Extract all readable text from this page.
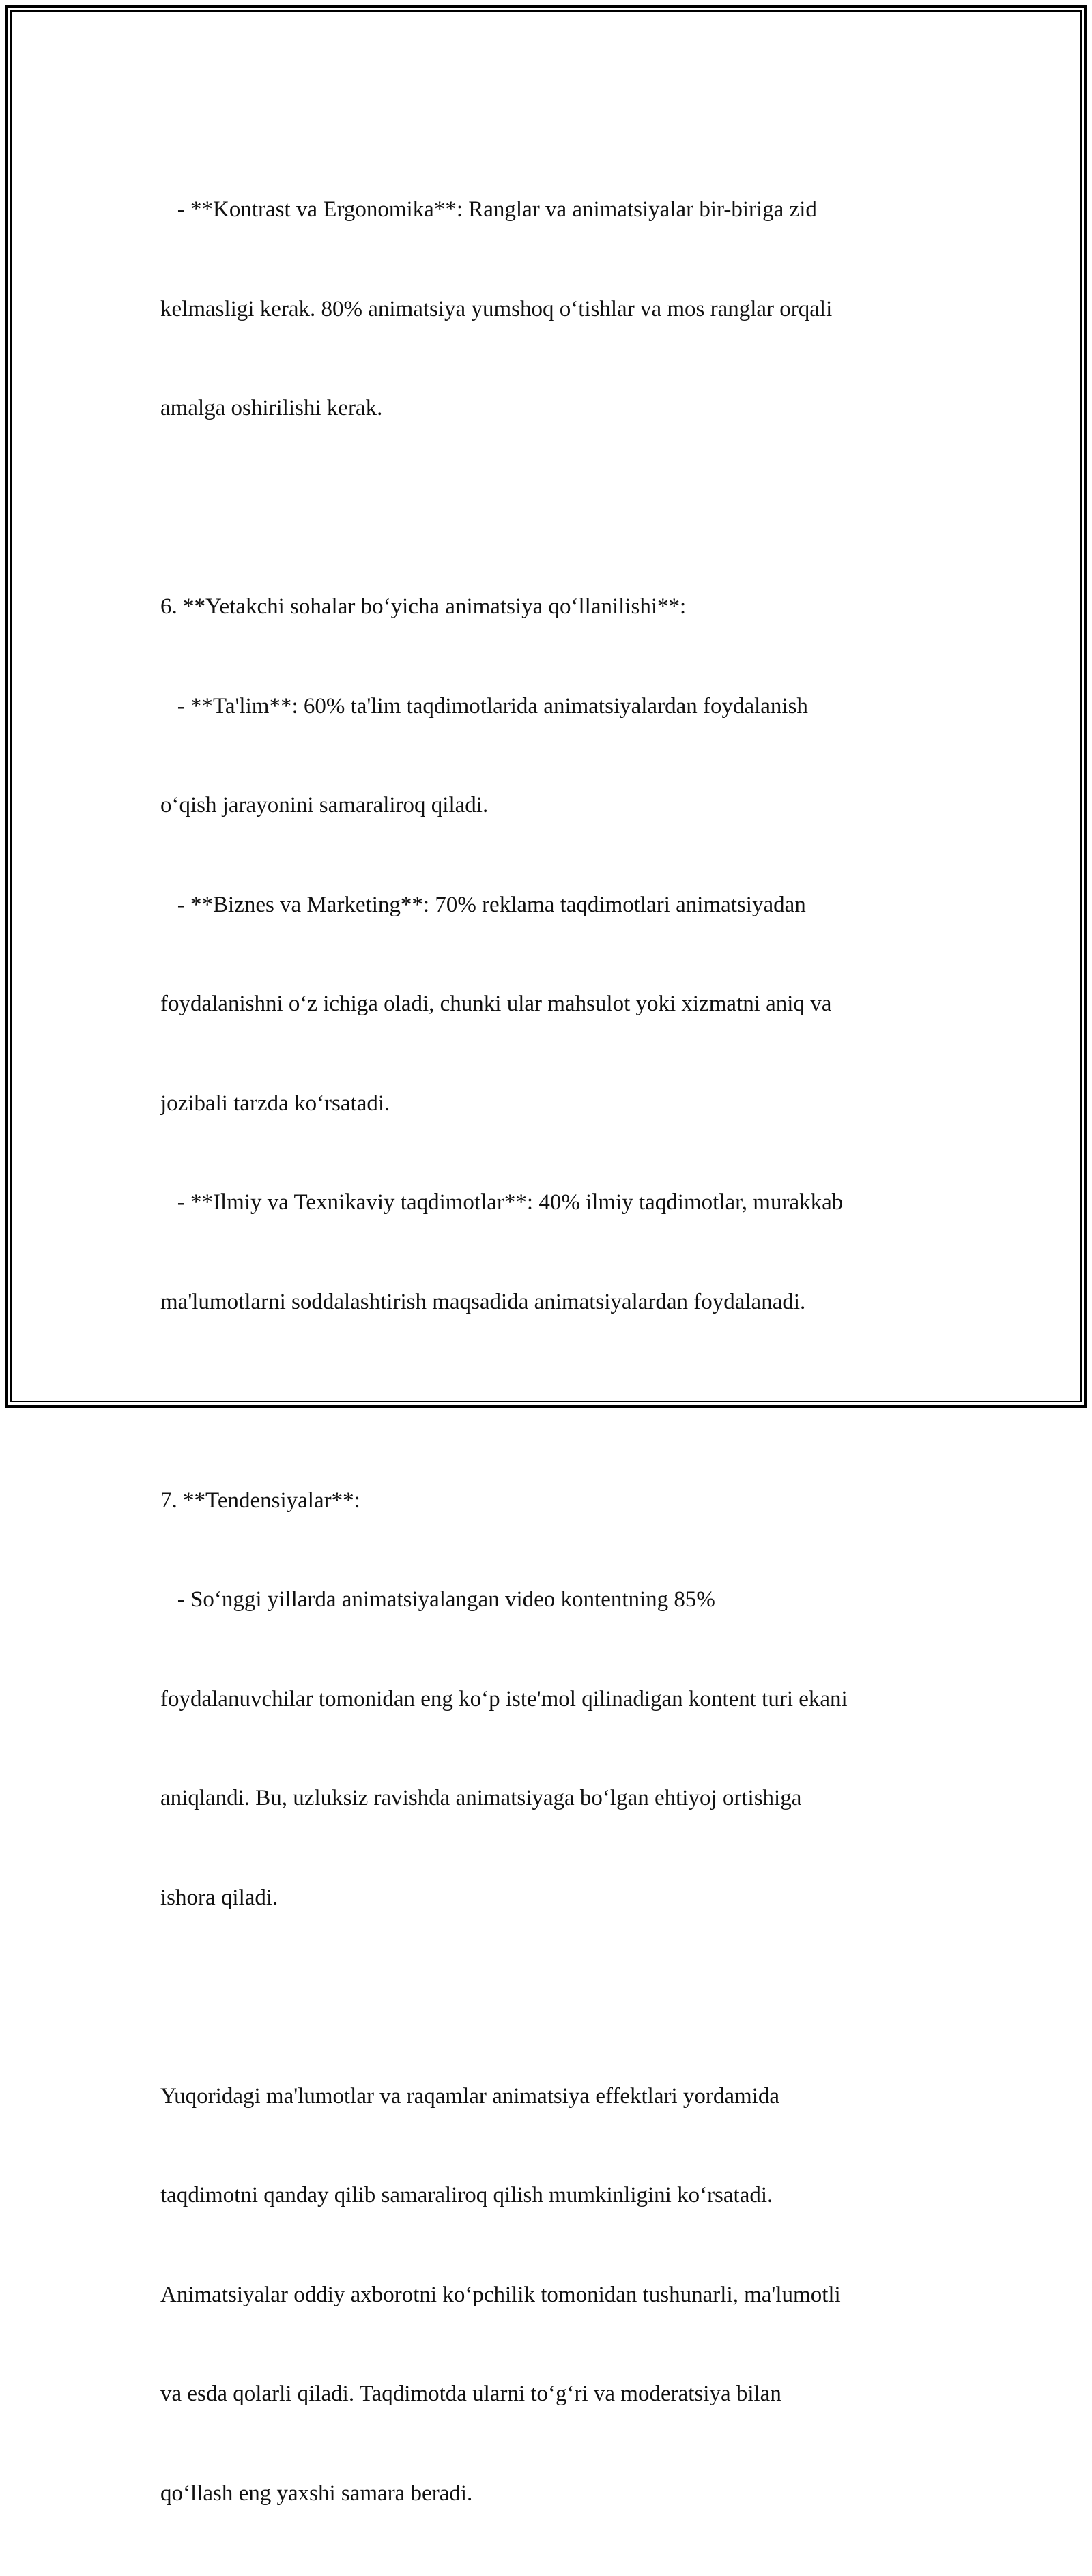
- **Kontrast va Ergonomika**: Ranglar va animatsiyalar bir-biriga zid

kelmasligi kerak. 80% animatsiya yumshoq o‘tishlar va mos ranglar orqali

amalga oshirilishi kerak.

6. **Yetakchi sohalar bo‘yicha animatsiya qo‘llanilishi**:

- **Ta'lim**: 60% ta'lim taqdimotlarida animatsiyalardan foydalanish

o‘qish jarayonini samaraliroq qiladi.

- **Biznes va Marketing**: 70% reklama taqdimotlari animatsiyadan

foydalanishni o‘z ichiga oladi, chunki ular mahsulot yoki xizmatni aniq va

jozibali tarzda ko‘rsatadi.

- **Ilmiy va Texnikaviy taqdimotlar**: 40% ilmiy taqdimotlar, murakkab

ma'lumotlarni soddalashtirish maqsadida animatsiyalardan foydalanadi.

7. **Tendensiyalar**:

- So‘nggi yillarda animatsiyalangan video kontentning 85%

foydalanuvchilar tomonidan eng ko‘p iste'mol qilinadigan kontent turi ekani

aniqlandi. Bu, uzluksiz ravishda animatsiyaga bo‘lgan ehtiyoj ortishiga

ishora qiladi.

Yuqoridagi ma'lumotlar va raqamlar animatsiya effektlari yordamida

taqdimotni qanday qilib samaraliroq qilish mumkinligini ko‘rsatadi.

Animatsiyalar oddiy axborotni ko‘pchilik tomonidan tushunarli, ma'lumotli

va esda qolarli qiladi. Taqdimotda ularni to‘g‘ri va moderatsiya bilan

qo‘llash eng yaxshi samara beradi.
